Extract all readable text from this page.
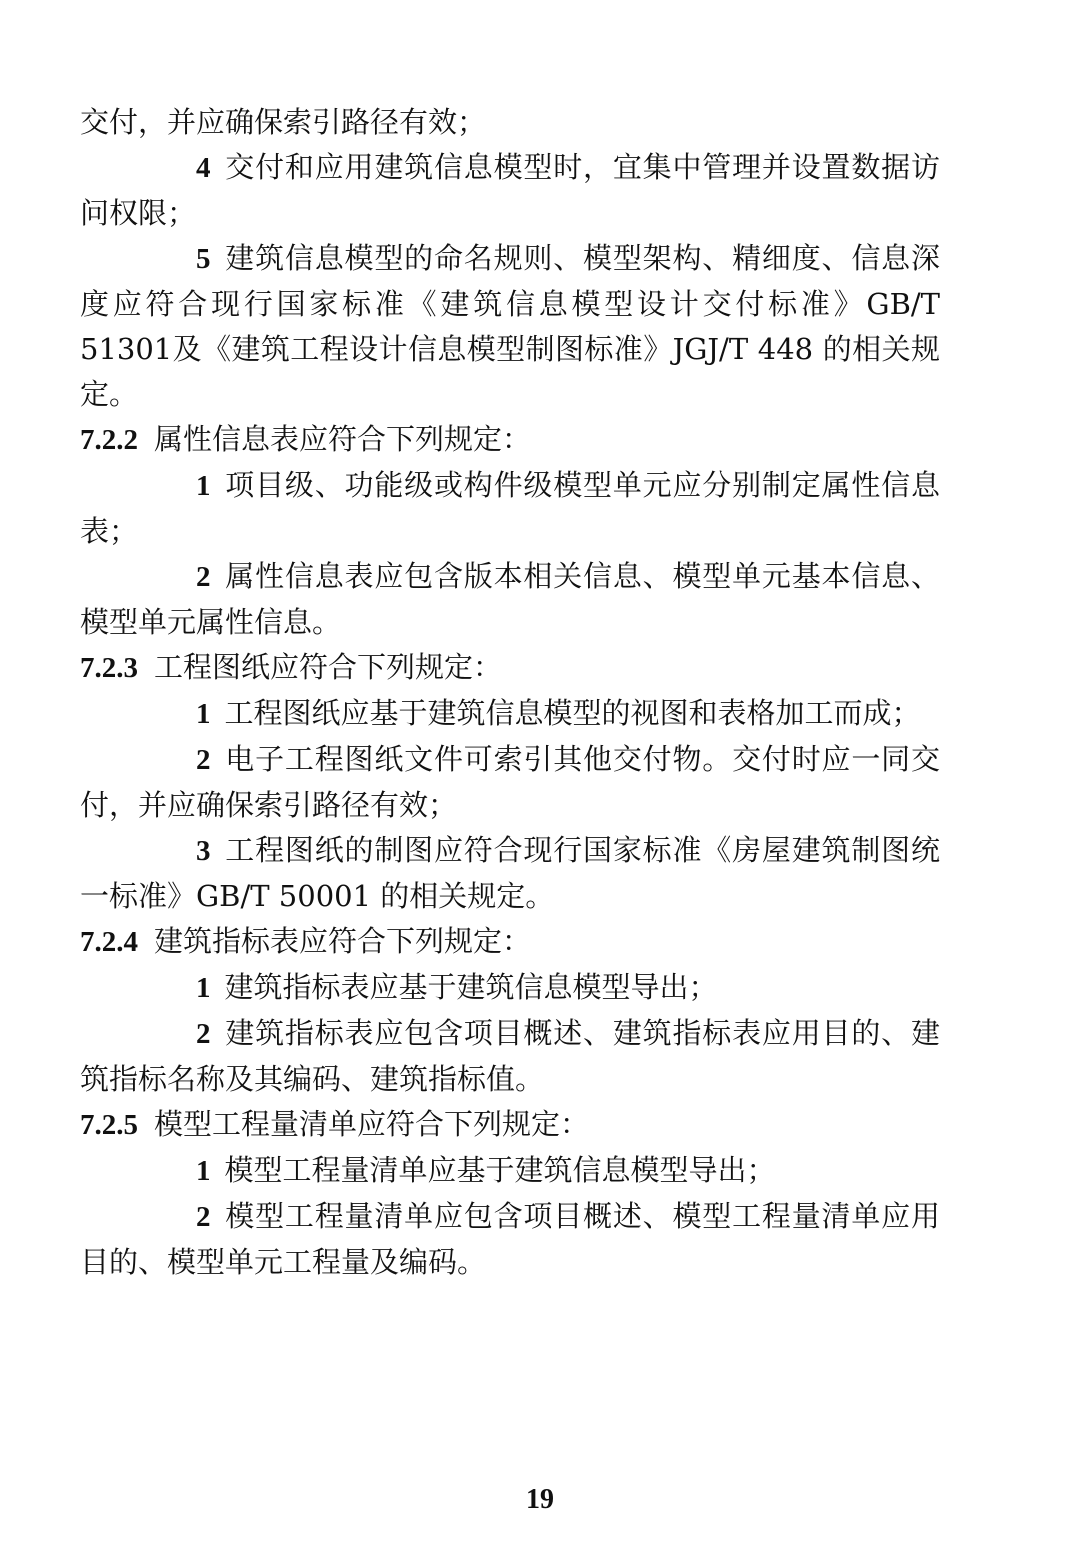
交付，并应确保索引路径有效；

4 交付和应用建筑信息模型时，宜集中管理并设置数据访问权限；

5 建筑信息模型的命名规则、模型架构、精细度、信息深度应符合现行国家标准《建筑信息模型设计交付标准》GB/T 51301及《建筑工程设计信息模型制图标准》JGJ/T 448 的相关规定。

7.2.2 属性信息表应符合下列规定：

1 项目级、功能级或构件级模型单元应分别制定属性信息表；

2 属性信息表应包含版本相关信息、模型单元基本信息、模型单元属性信息。

7.2.3 工程图纸应符合下列规定：

1 工程图纸应基于建筑信息模型的视图和表格加工而成；

2 电子工程图纸文件可索引其他交付物。交付时应一同交付，并应确保索引路径有效；

3 工程图纸的制图应符合现行国家标准《房屋建筑制图统一标准》GB/T 50001 的相关规定。

7.2.4 建筑指标表应符合下列规定：

1 建筑指标表应基于建筑信息模型导出；

2 建筑指标表应包含项目概述、建筑指标表应用目的、建筑指标名称及其编码、建筑指标值。

7.2.5 模型工程量清单应符合下列规定：

1 模型工程量清单应基于建筑信息模型导出；

2 模型工程量清单应包含项目概述、模型工程量清单应用目的、模型单元工程量及编码。

19
